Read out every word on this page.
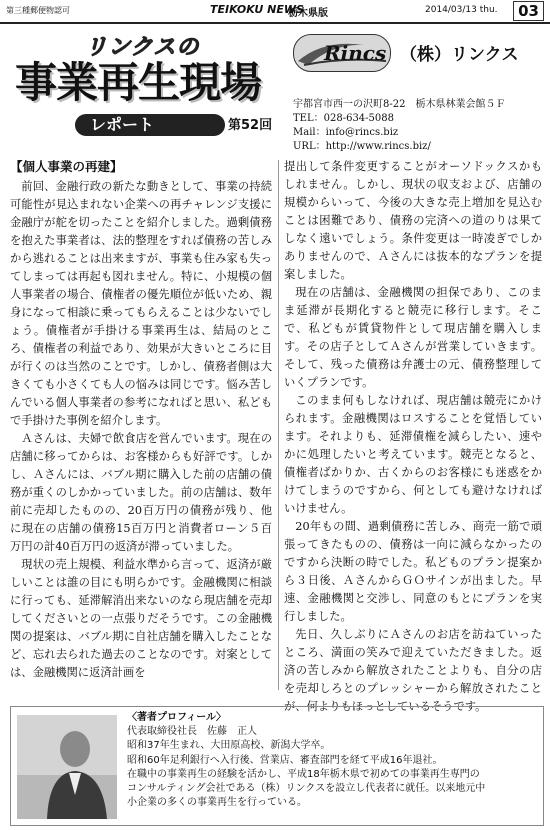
第三種郵便物認可	TEIKOKU NEWS
栃木県版	2014/03/13 thu.	03
リンクスの
事業再生現場
レポート	第52回
Rincs （株）リンクス
宇都宮市西一の沢町8-22　栃木県林業会館５Ｆ
TEL：028-634-5088
Mail：info@rincs.biz
URL：http://www.rincs.biz/
【個人事業の再建】

前回、金融行政の新たな動きとして、事業の持続可能性が見込まれない企業への再チャレンジ支援に金融庁が舵を切ったことを紹介しました。過剰債務を抱えた事業者は、法的整理をすれば債務の苦しみから逃れることは出来ますが、事業も住み家も失ってしまっては再起も図れません。特に、小規模の個人事業者の場合、債権者の優先順位が低いため、親身になって相談に乗ってもらえることは少ないでしょう。債権者が手掛ける事業再生は、結局のところ、債権者の利益であり、効果が大きいところに目が行くのは当然のことです。しかし、債務者側は大きくても小さくても人の悩みは同じです。悩み苦しんでいる個人事業者の参考になればと思い、私どもで手掛けた事例を紹介します。

Ａさんは、夫婦で飲食店を営んでいます。現在の店舗に移ってからは、お客様からも好評です。しかし、Ａさんには、バブル期に購入した前の店舗の債務が重くのしかかっていました。前の店舗は、数年前に売却したものの、20百万円の債務が残り、他に現在の店舗の債務15百万円と消費者ローン５百万円の計40百万円の返済が滞っていました。

現状の売上規模、利益水準から言って、返済が厳しいことは誰の目にも明らかです。金融機関に相談に行っても、延滞解消出来ないのなら現店舗を売却してくださいとの一点張りだそうです。この金融機関の提案は、バブル期に自社店舗を購入したことなど、忘れ去られた過去のことなのです。対案としては、金融機関に返済計画を

提出して条件変更することがオーソドックスかもしれません。しかし、現状の収支および、店舗の規模からいって、今後の大きな売上増加を見込むことは困難であり、債務の完済への道のりは果てしなく遠いでしょう。条件変更は一時凌ぎでしかありませんので、Ａさんには抜本的なプランを提案しました。

現在の店舗は、金融機関の担保であり、このまま延滞が長期化すると競売に移行します。そこで、私どもが賃貸物件として現店舗を購入します。その店子としてＡさんが営業していきます。そして、残った債務は弁護士の元、債務整理していくプランです。

このまま何もしなければ、現店舗は競売にかけられます。金融機関はロスすることを覚悟しています。それよりも、延滞債権を減らしたい、速やかに処理したいと考えています。競売となると、債権者ばかりか、古くからのお客様にも迷惑をかけてしまうのですから、何としても避けなければいけません。

20年もの間、過剰債務に苦しみ、商売一筋で頑張ってきたものの、債務は一向に減らなかったのですから決断の時でした。私どものプラン提案から３日後、ＡさんからＧＯサインが出ました。早速、金融機関と交渉し、同意のもとにプランを実行しました。

先日、久しぶりにＡさんのお店を訪ねていったところ、満面の笑みで迎えていただきました。返済の苦しみから解放されたことよりも、自分の店を売却しろとのプレッシャーから解放されたことが、何よりもほっとしているそうです。

〈著者プロフィール〉
代表取締役社長　佐藤　正人
昭和37年生まれ、大田原高校、新潟大学卒。
昭和60年足利銀行へ入行後、営業店、審査部門を経て平成16年退社。
在職中の事業再生の経験を活かし、平成18年栃木県で初めての事業再生専門の
コンサルティング会社である（株）リンクスを設立し代表者に就任。以来地元中
小企業の多くの事業再生を行っている。
